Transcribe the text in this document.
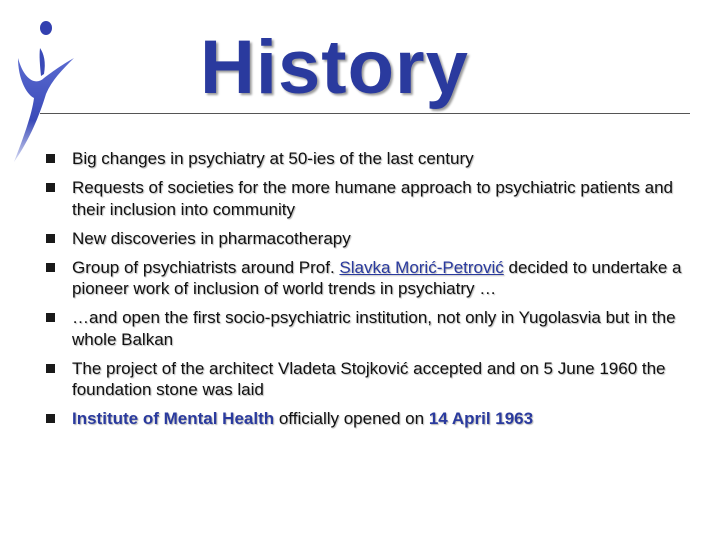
History
Big changes in psychiatry at 50-ies of the last century
Requests of societies for the more humane approach to psychiatric patients and their inclusion into community
New discoveries in pharmacotherapy
Group of psychiatrists around Prof. Slavka Morić-Petrović decided to undertake a pioneer work of inclusion of world trends in psychiatry …
…and open the first socio-psychiatric institution, not only in Yugolasvia but in the whole Balkan
The project of the architect Vladeta Stojković accepted and on 5 June 1960 the foundation stone was laid
Institute of Mental Health officially opened on 14 April 1963
